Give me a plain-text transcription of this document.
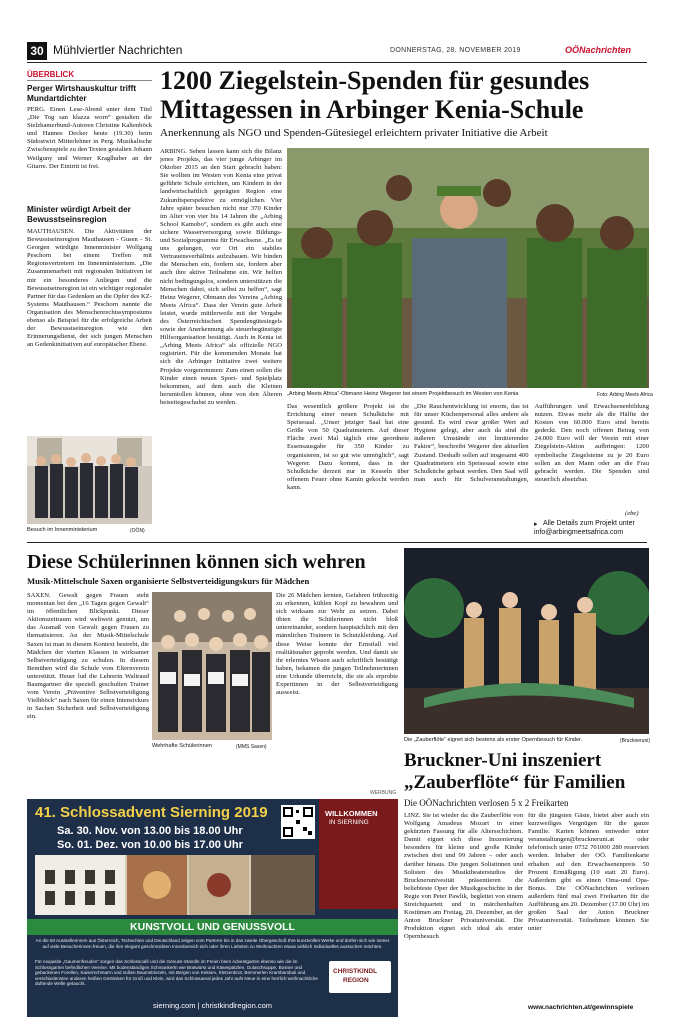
30 Mühlviertler Nachrichten	DONNERSTAG, 28. NOVEMBER 2019	OÖNachrichten
ÜBERBLICK
Perger Wirtshauskultur trifft Mundartdichter
PERG. Einen Lese-Abend unter dem Titel „Die Tog san klazza worn“ gestalten die Stelzhamerbund-Autoren Christine Kaltenböck und Hannes Decker heute (19.30) beim Südostwirt Mitterlehner in Perg. Musikalische Zwischenspiele zu den Texten gestalten Johann Weilguny und Werner Kraglhuber an der Gitarre. Der Eintritt ist frei.
Minister würdigt Arbeit der Bewusstseinsregion
MAUTHAUSEN. Die Aktivitäten der Bewusstseinsregion Mauthausen - Gusen - St. Georgen würdigte Innenminister Wolfgang Peschorn bei einem Treffen mit Regionsvertretern im Innenministerium. „Die Zusammenarbeit mit regionalen Initiativen ist mir ein besonderes Anliegen und die Bewusstseinsregion ist ein wichtiger regionaler Partner für das Gedenken an die Opfer des KZ-Systems Mauthausen.“ Peschorn nannte die Organisation des Menschenrechtssymposiums ebenso als Beispiel für die erfolgreiche Arbeit der Bewusstseinsregion wie den Erinnerungsdienst, der sich jungen Menschen an Gedenkinitiativen auf europäischer Ebene.
Besuch im Innenministerium	(OÖN)
1200 Ziegelstein-Spenden für gesundes Mittagessen in Arbinger Kenia-Schule
Anerkennung als NGO und Spenden-Gütesiegel erleichtern privater Initiative die Arbeit
ARBING. Sehen lassen kann sich die Bilanz jenes Projekts, das vier junge Arbinger im Oktober 2015 an den Start gebracht haben: Sie wollten im Westen von Kenia eine privat geführte Schule errichten, um Kindern in der landwirtschaftlich geprägten Region eine Zukunftsperspektive zu ermöglichen. Vier Jahre später besuchen nicht nur 370 Kinder im Alter von vier bis 14 Jahren die „Arbing School Kamobo“, sondern es gibt auch eine sichere Wasserversorgung sowie Bildungs- und Sozialprogramme für Erwachsene. „Es ist uns gelungen, vor Ort ein stabiles Vertrauensverhältnis aufzubauen. Wir binden die Menschen ein, fordern sie, fordern aber auch ihre aktive Teilnahme ein. Wir helfen nicht bedingungslos, sondern unterstützen die Menschen dabei, sich selbst zu helfen“, sagt Heinz Wegerer, Obmann des Vereins „Arbing Meets Africa“. Dass der Verein gute Arbeit leistet, wurde mittlerweile mit der Vergabe des Österreichischen Spendengütesiegels sowie der Anerkennung als steuerbegünstigte Hilfsorganisation bestätigt. Auch in Kenia ist „Arbing Meets Africa“ als offizielle NGO registriert. Für die kommenden Monate hat sich die Arbinger Initiative zwei weitere Projekte vorgenommen: Zum einen sollen die Kinder einen neuen Sport- und Spielplatz bekommen, auf dem auch die Kleinen herumtollen können, ohne von den Älteren beiseitegeschubst zu werden.
„Arbing Meets Africa“-Obmann Heinz Wegerer bei einem Projektbesuch im Westen von Kenia	Foto: Arbing Meets Africa
Das wesentlich größere Projekt ist die Errichtung einer neuen Schulküche mit Speisesaal. „Unser jetziger Saal hat eine Größe von 50 Quadratmetern. Auf dieser Fläche zwei Mal täglich eine geordnete Essensausgabe für 350 Kinder zu organisieren, ist so gut wie unmöglich“, sagt Wegerer. Dazu kommt, dass in der Schulküche derzeit nur in Kesseln über offenem Feuer ohne Kamin gekocht werden kann.
„Die Rauchentwicklung ist enorm, das ist für unser Küchenpersonal alles andere als gesund. Es wird zwar großer Wert auf Hygiene gelegt, aber auch da sind die äußeren Umstände ein limitierender Faktor“, beschreibt Wegerer den aktuellen Zustand. Deshalb sollen auf insgesamt 400 Quadratmetern ein Speisesaal sowie eine Schulküche gebaut werden. Den Saal will man auch für Schulveranstaltungen, Aufführungen und Erwachsenenbildung nutzen. Etwas mehr als die Hälfte der Kosten von 60.000 Euro sind bereits gedeckt. Den noch offenen Betrag von 24.000 Euro will der Verein mit einer Ziegelstein-Aktion aufbringen: 1200 symbolische Ziegelsteine zu je 20 Euro sollen an den Mann oder an die Frau gebracht werden. Die Spenden sind steuerlich absetzbar.
(ebe)
▸ Alle Details zum Projekt unter
info@arbingmeetsafrica.com
Diese Schülerinnen können sich wehren
Musik-Mittelschule Saxen organisierte Selbstverteidigungskurs für Mädchen
SAXEN. Gewalt gegen Frauen steht momentan bei den „16 Tagen gegen Gewalt“ im öffentlichen Blickpunkt. Dieser Aktionszeitraum wird weltweit genutzt, um das Ausmaß von Gewalt gegen Frauen zu thematisieren. An der Musik-Mittelschule Saxen ist man in diesem Kontext bestrebt, die Mädchen der vierten Klassen in wirksamer Selbstverteidigung zu schulen. In diesem Bemühen wird die Schule vom Elternverein unterstützt. Heuer lud die Lehrerin Waltraud Baumgartner die speziell geschulten Trainer vom Verein „Präventive Selbstverteidigung Vielhböck“ nach Saxen für einen Intensivkurs in Sachen Sicherheit und Selbstverteidigung ein.
Wehrhafte Schülerinnen	(MMS Saxen)
Die 26 Mädchen lernten, Gefahren frühzeitig zu erkennen, kühlen Kopf zu bewahren und sich wirksam zur Wehr zu setzen. Dabei übten die Schülerinnen nicht bloß untereinander, sondern hauptsächlich mit den männlichen Trainern in Schutzkleidung. Auf diese Weise konnte der Ernstfall viel realitätsnaher geprobt werden. Und damit sie ihr erlerntes Wissen auch schriftlich bestätigt haben, bekamen die jungen Teilnehmerinnen eine Urkunde überreicht, die sie als erprobte Expertinnen in der Selbstverteidigung ausweist.
Die „Zauberflöte“ eignet sich bestens als erster Opernbesuch für Kinder.	(Bruckneruni)
Bruckner-Uni inszeniert
„Zauberflöte“ für Familien
Die OÖNachrichten verlosen 5 x 2 Freikarten
LINZ. Sie ist wieder da: die Zauberflöte von Wolfgang Amadeus Mozart in einer gekürzten Fassung für alle Altersschichten. Damit eignet sich diese Inszenierung besonders für kleine und große Kinder zwischen drei und 99 Jahren – oder auch darüber hinaus. Die jungen Solistinnen und Solisten des Musiktheaterstudios der Brucknerunivesität präsentieren die beliebteste Oper der Musikgeschichte in der Regie von Peter Pawlik, begleitet von einem Streichquartett und in märchenhaften Kostümen am Freitag, 20. Dezember, an der Anton Bruckner Privatuniversität. Die Produktion eignet sich ideal als erster Opernbesuch
für die jüngsten Gäste, bietet aber auch ein kurzweiliges Vergnügen für die ganze Familie. Karten können entweder unter veranstaltungen@bruckneruni.at oder telefonisch unter 0732 701000 280 reserviert werden. Inhaber der OÖ. Familienkarte erhalten auf den Erwachsenenpreis 50 Prozent Ermäßigung (10 statt 20 Euro). Außerdem gibt es einen Oma-und Opa-Bonus. Die OÖNachrichten verlosen außerdem fünf mal zwei Freikarten für die Aufführung am 20. Dezember (17.00 Uhr) im großen Saal der Anton Bruckner Privatuniversität. Teilnehmen können Sie unter
www.nachrichten.at/gewinnspiele
WERBUNG
41. Schlossadvent Sierning 2019
Sa. 30. Nov. von 13.00 bis 18.00 Uhr
So. 01. Dez. von 10.00 bis 17.00 Uhr
WILLKOMMEN
IN SIERNING
KUNSTVOLL UND GENUSSVOLL
An die 50 Ausstellerinnen aus Österreich, Tschechien und Deutschland zeigen vom Parterre bis in das zweite Obergeschoß Ihre kunstvollen Werke und dürfen sich wie immer auf viele Besucherinnen freuen, die ihre elegant geschmückten Innenbereich sich oder ihren Liebsten zu Weihnachten etwas wirklich Individuelles aussuchen möchten.
Für exquisite „Gaumenfreuden“ sorgen das Schlosscafé und die Genuss-Standln im Freien beim Adventgarten ebenso wie die im Schlossgarten befindlichen Vereine. Mit bodenständigen Schmankerln wie Bratwürst und Käsespätzlen, Gulaschsuppe, Bosner und gebackenen Forellen, Kaiserschmarrn und süßen Baumstriezeln, mit Bergen von Keksen, Kletzenbrot, Bemmerlen Krambambuli und verschiedensten anderen heißen Getränken für Groß und Klein, wird das Schlossareal jedes Jahr aufs Neue in eine herrlich weihnachtliche duftende Welle getaucht.
CHRISTKINDL
REGION
sierning.com | christkindlregion.com
